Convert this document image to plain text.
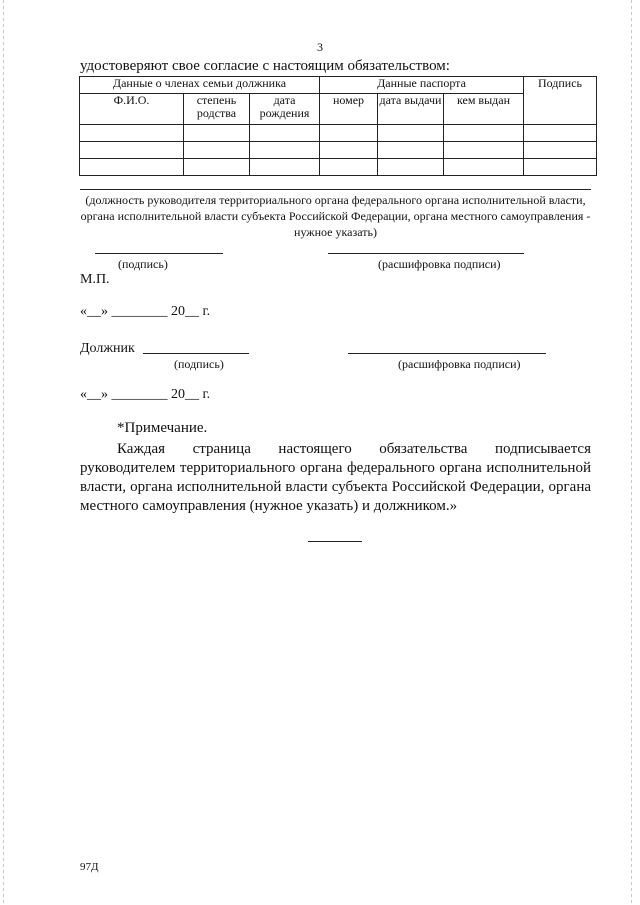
3
удостоверяют свое согласие с настоящим обязательством:
Данные о членах семьи должника			Данные паспорта			Подпись
Ф.И.О.	степень родства	дата рождения	номер	дата выдачи	кем выдан	

(должность руководителя территориального органа федерального органа исполнительной власти, органа исполнительной власти субъекта Российской Федерации, органа местного самоуправления - нужное указать)
(подпись)	(расшифровка подписи)
М.П.
«__» ________ 20__ г.
Должник
(подпись)	(расшифровка подписи)
«__» ________ 20__ г.
*Примечание.

Каждая страница настоящего обязательства подписывается руководителем территориального органа федерального органа исполнительной власти, органа исполнительной власти субъекта Российской Федерации, органа местного самоуправления (нужное указать) и должником.»

97Д
